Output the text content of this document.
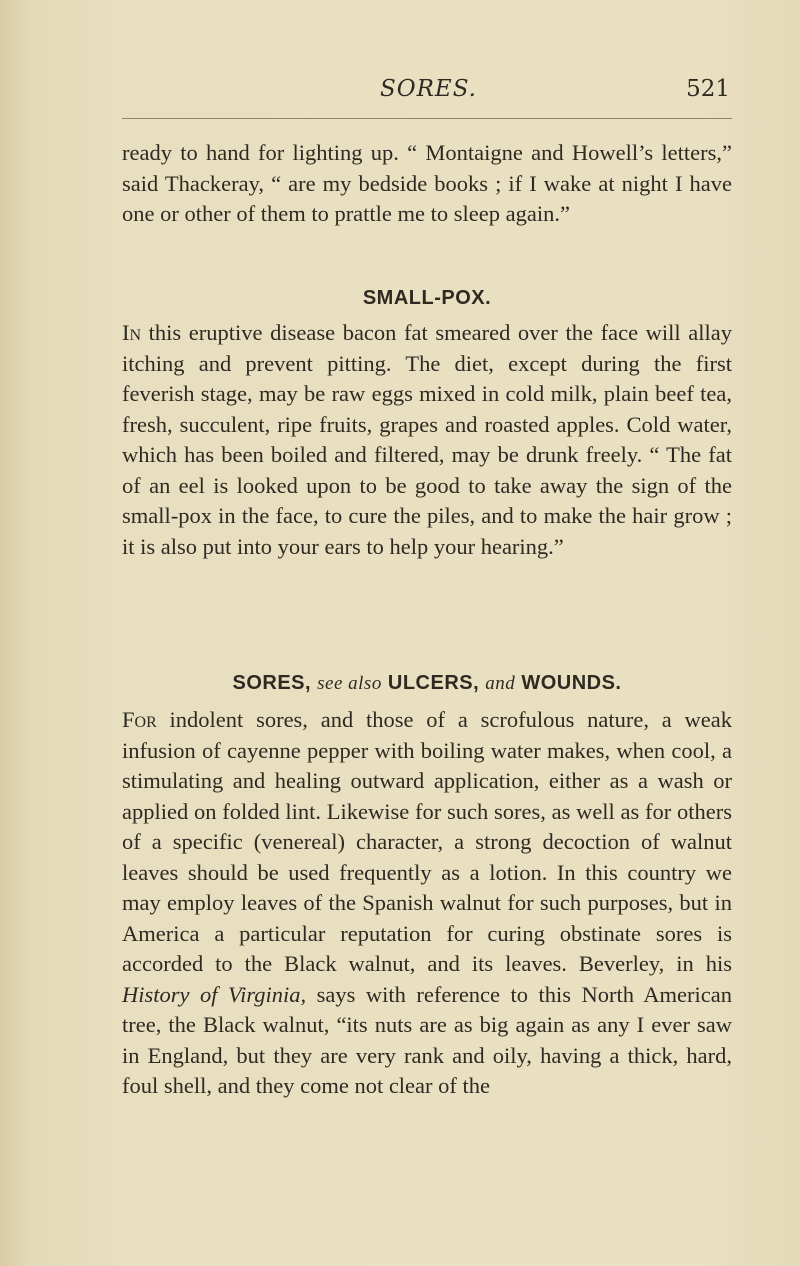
SORES.	521

ready to hand for lighting up. “ Montaigne and Howell’s letters,” said Thackeray, “ are my bedside books ; if I wake at night I have one or other of them to prattle me to sleep again.”

SMALL-POX.

In this eruptive disease bacon fat smeared over the face will allay itching and prevent pitting. The diet, except during the first feverish stage, may be raw eggs mixed in cold milk, plain beef tea, fresh, succulent, ripe fruits, grapes and roasted apples. Cold water, which has been boiled and filtered, may be drunk freely. “ The fat of an eel is looked upon to be good to take away the sign of the small-pox in the face, to cure the piles, and to make the hair grow ; it is also put into your ears to help your hearing.”

SORES, see also ULCERS, and WOUNDS.

For indolent sores, and those of a scrofulous nature, a weak infusion of cayenne pepper with boiling water makes, when cool, a stimulating and healing outward application, either as a wash or applied on folded lint. Likewise for such sores, as well as for others of a specific (venereal) character, a strong decoction of walnut leaves should be used frequently as a lotion. In this country we may employ leaves of the Spanish walnut for such purposes, but in America a particular reputation for curing obstinate sores is accorded to the Black walnut, and its leaves. Beverley, in his History of Virginia, says with reference to this North American tree, the Black walnut, “its nuts are as big again as any I ever saw in England, but they are very rank and oily, having a thick, hard, foul shell, and they come not clear of the
